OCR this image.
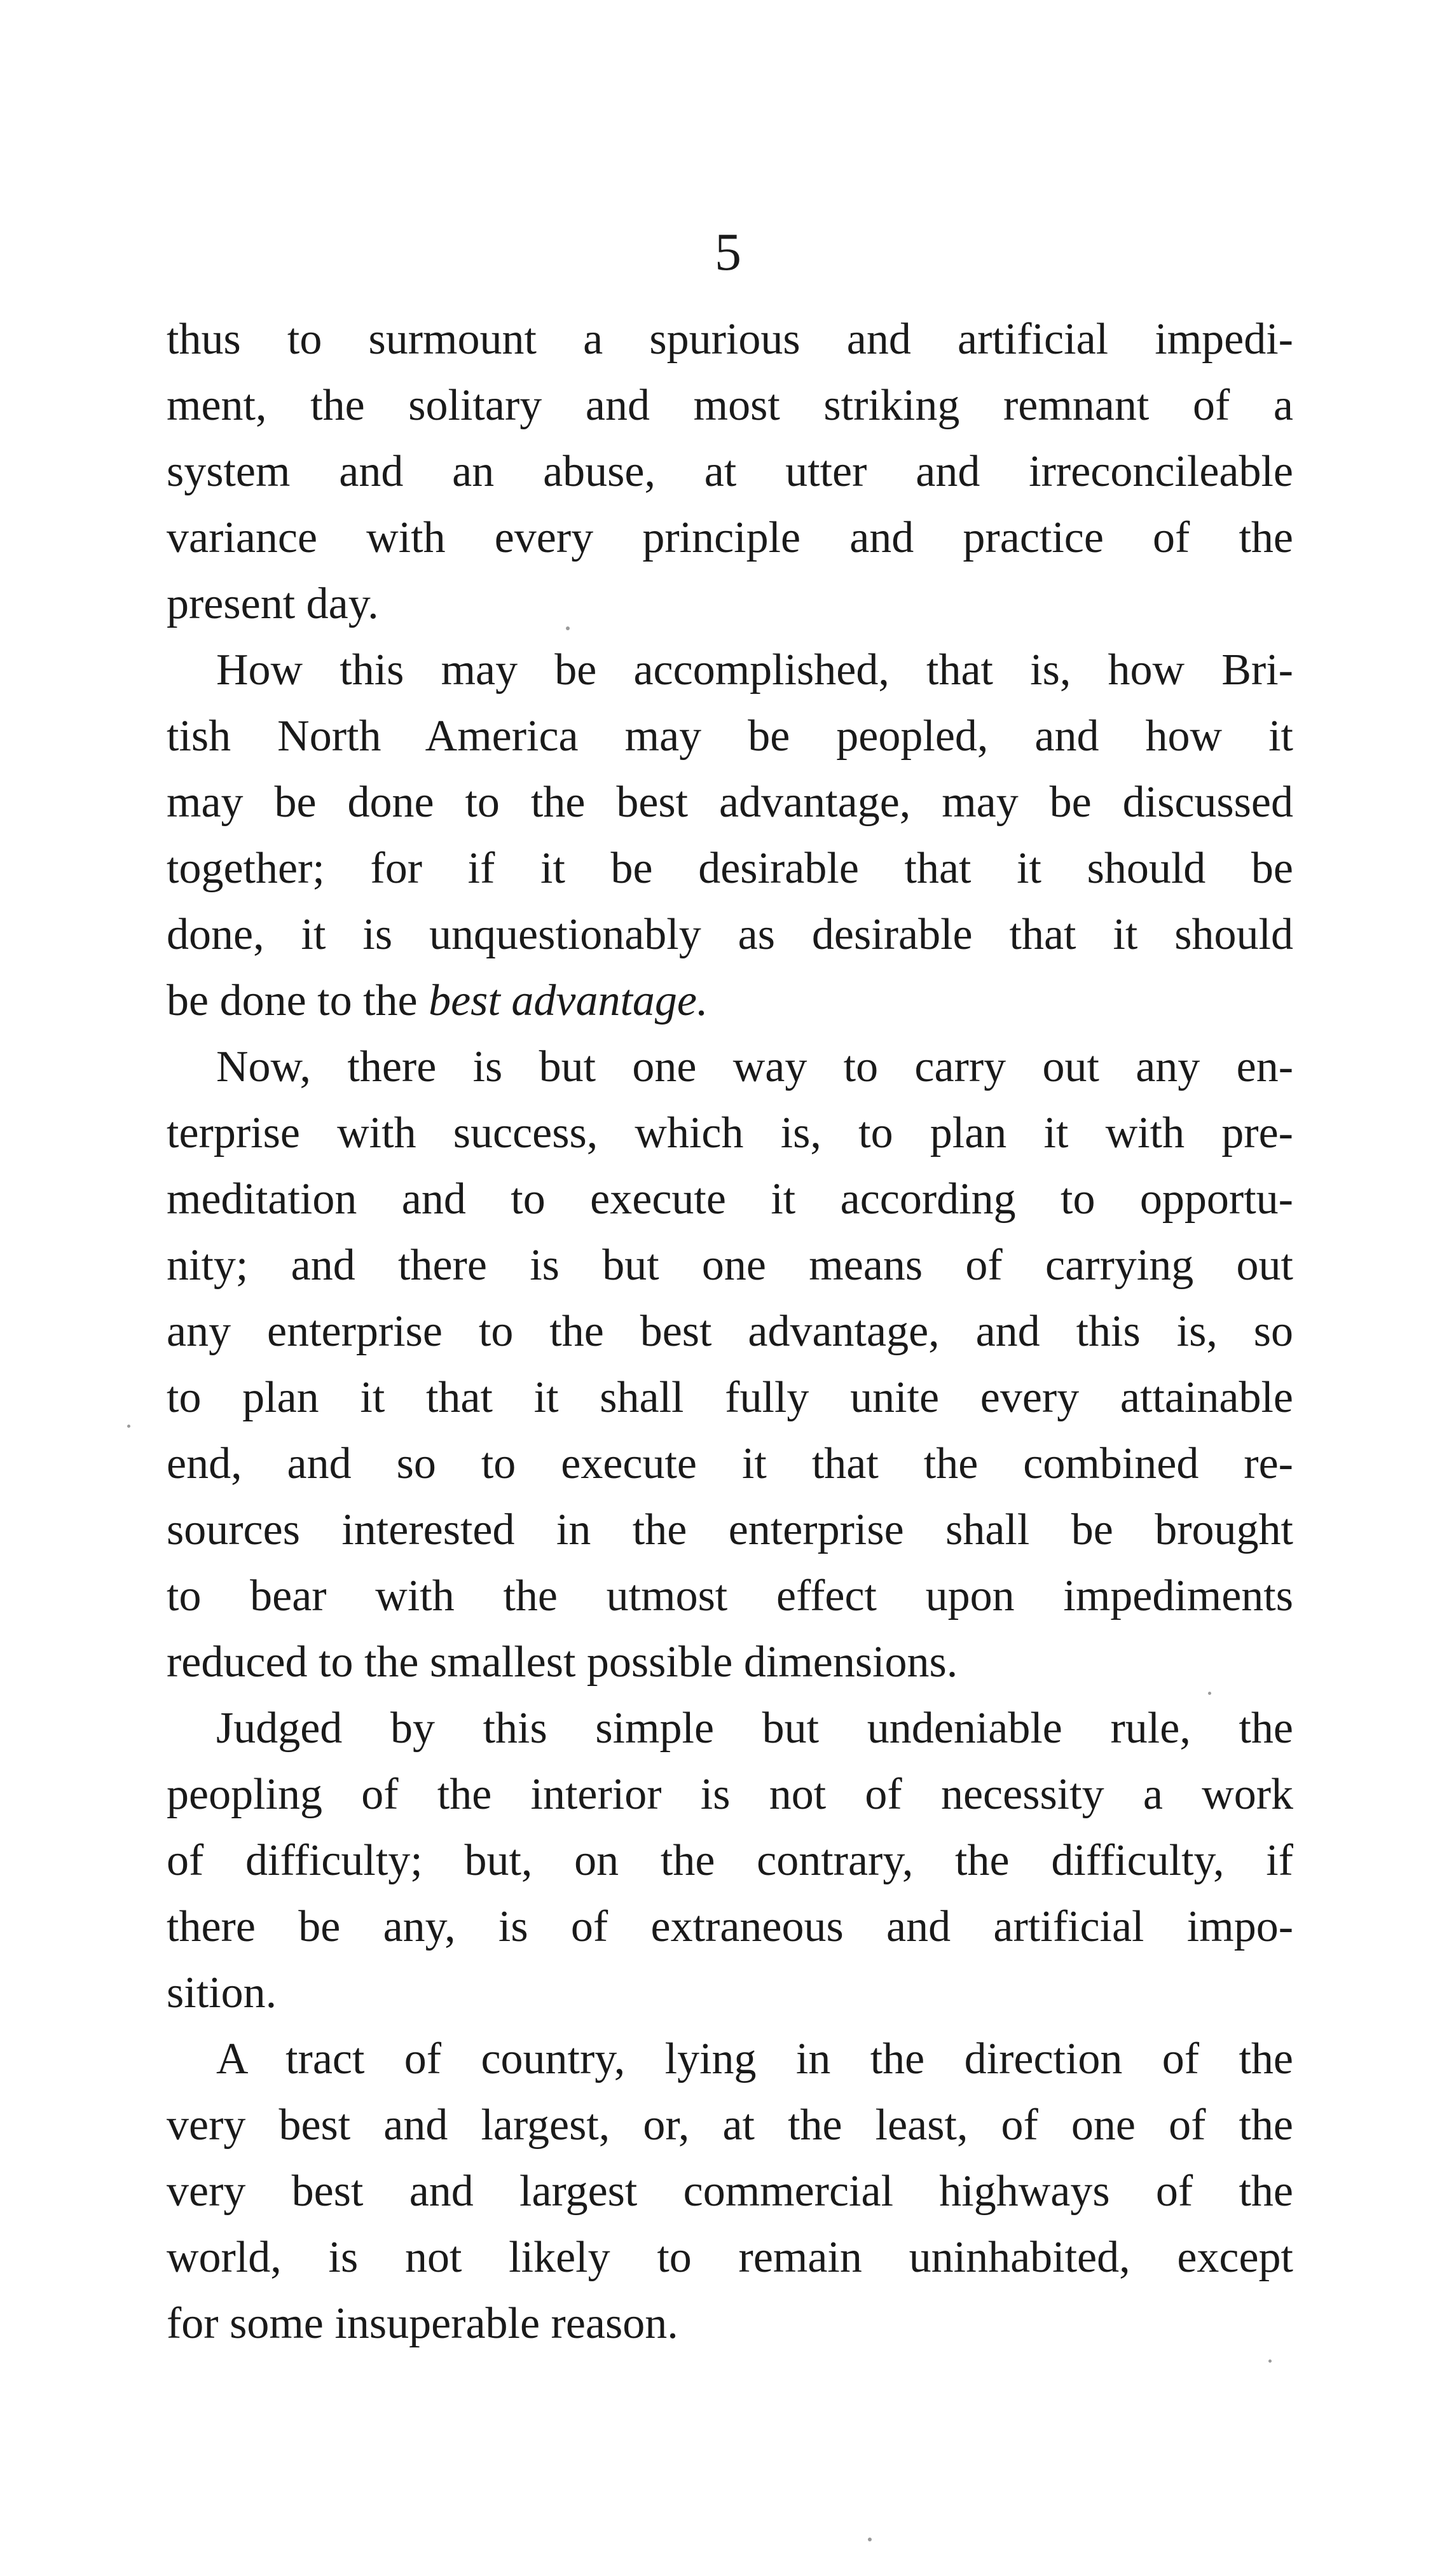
5
thus to surmount a spurious and artificial impedi-
ment, the solitary and most striking remnant of a
system and an abuse, at utter and irreconcileable
variance with every principle and practice of the
present day.
How this may be accomplished, that is, how Bri-
tish North America may be peopled, and how it
may be done to the best advantage, may be discussed
together; for if it be desirable that it should be
done, it is unquestionably as desirable that it should
be done to the best advantage.
Now, there is but one way to carry out any en-
terprise with success, which is, to plan it with pre-
meditation and to execute it according to opportu-
nity; and there is but one means of carrying out
any enterprise to the best advantage, and this is, so
to plan it that it shall fully unite every attainable
end, and so to execute it that the combined re-
sources interested in the enterprise shall be brought
to bear with the utmost effect upon impediments
reduced to the smallest possible dimensions.
Judged by this simple but undeniable rule, the
peopling of the interior is not of necessity a work
of difficulty; but, on the contrary, the difficulty, if
there be any, is of extraneous and artificial impo-
sition.
A tract of country, lying in the direction of the
very best and largest, or, at the least, of one of the
very best and largest commercial highways of the
world, is not likely to remain uninhabited, except
for some insuperable reason.
